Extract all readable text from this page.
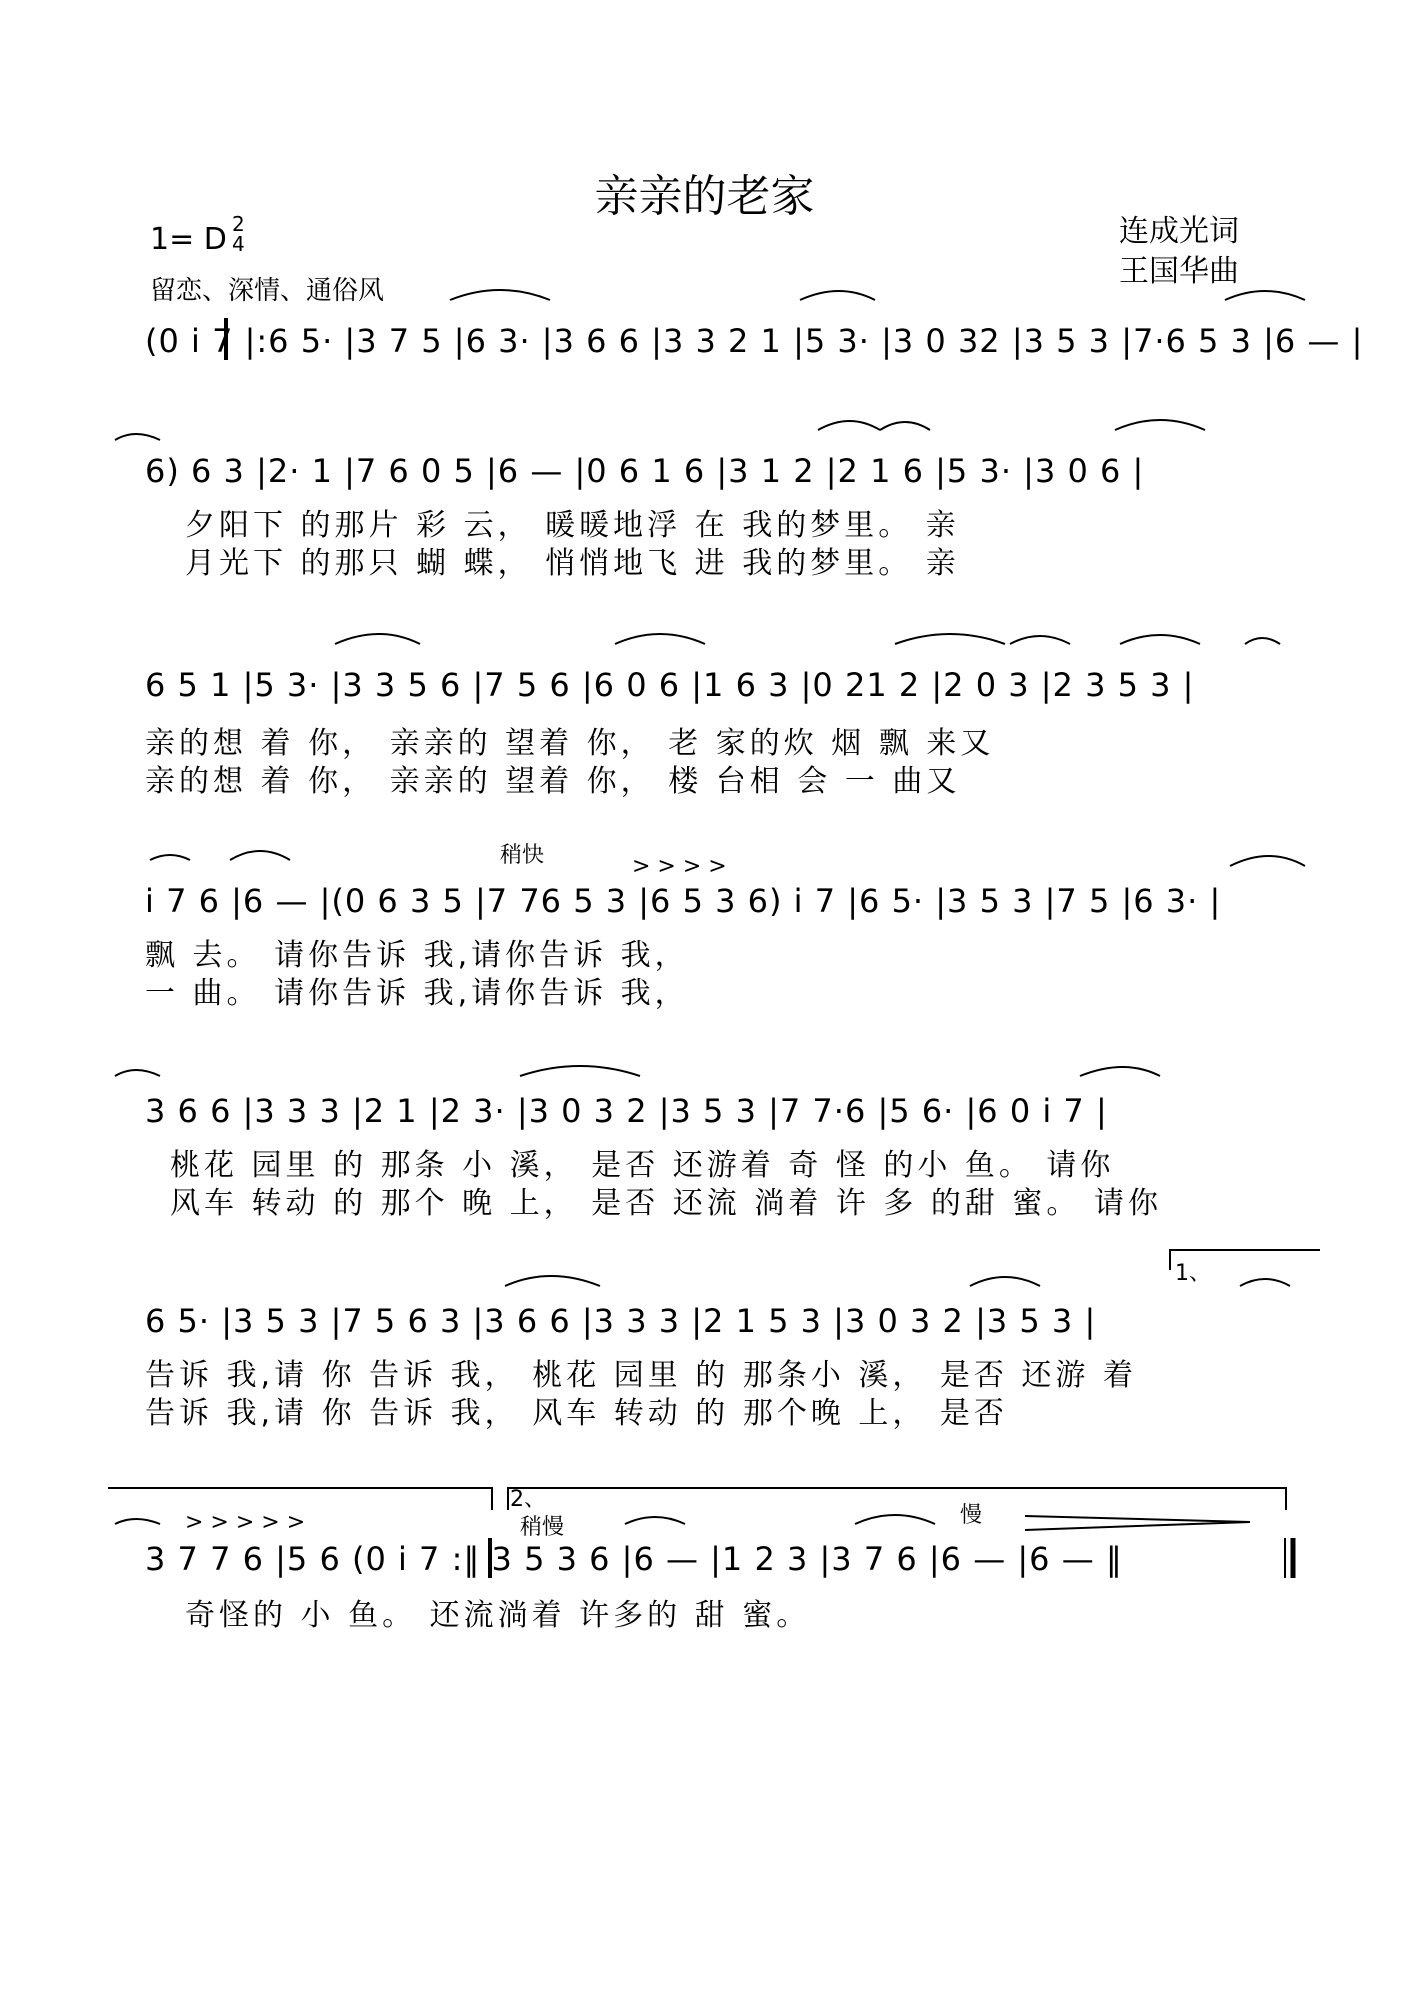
亲亲的老家
1= D 2
4
留恋、深情、通俗风
连成光词
王国华曲
(0 i 7 |:6 5· |3 7 5 |6 3· |3 6 6 |3 3 2 1 |5 3· |3 0 32 |3 5 3 |7·6 5 3 |6 — |
6) 6 3 |2· 1 |7 6 0 5 |6 — |0 6 1 6 |3 1 2 |2 1 6 |5 3· |3 0 6 |
夕阳下 的那片 彩 云， 暖暖地浮 在 我的梦里。 亲
月光下 的那只 蝴 蝶， 悄悄地飞 进 我的梦里。 亲
6 5 1 |5 3· |3 3 5 6 |7 5 6 |6 0 6 |1 6 3 |0 21 2 |2 0 3 |2 3 5 3 |
亲的想 着 你， 亲亲的 望着 你， 老 家的炊 烟 飘 来又
亲的想 着 你， 亲亲的 望着 你， 楼 台相 会 一 曲又
稍快	> > > >
i 7 6 |6 — |(0 6 3 5 |7 76 5 3 |6 5 3 6) i 7 |6 5· |3 5 3 |7 5 |6 3· |
飘 去。 请你告诉 我,请你告诉 我，
一 曲。 请你告诉 我,请你告诉 我，
3 6 6 |3 3 3 |2 1 |2 3· |3 0 3 2 |3 5 3 |7 7·6 |5 6· |6 0 i 7 |
桃花 园里 的 那条 小 溪， 是否 还游着 奇 怪 的小 鱼。 请你
风车 转动 的 那个 晚 上， 是否 还流 淌着 许 多 的甜 蜜。 请你
1、
6 5· |3 5 3 |7 5 6 3 |3 6 6 |3 3 3 |2 1 5 3 |3 0 3 2 |3 5 3 |
告诉 我,请 你 告诉 我， 桃花 园里 的 那条小 溪， 是否 还游 着
告诉 我,请 你 告诉 我， 风车 转动 的 那个晚 上， 是否
> > > > >
2、
稍慢	慢
3 7 7 6 |5 6 (0 i 7 :‖ 3 5 3 6 |6 — |1 2 3 |3 7 6 |6 — |6 — ‖
奇怪的 小 鱼。 还流淌着 许多的 甜 蜜。
